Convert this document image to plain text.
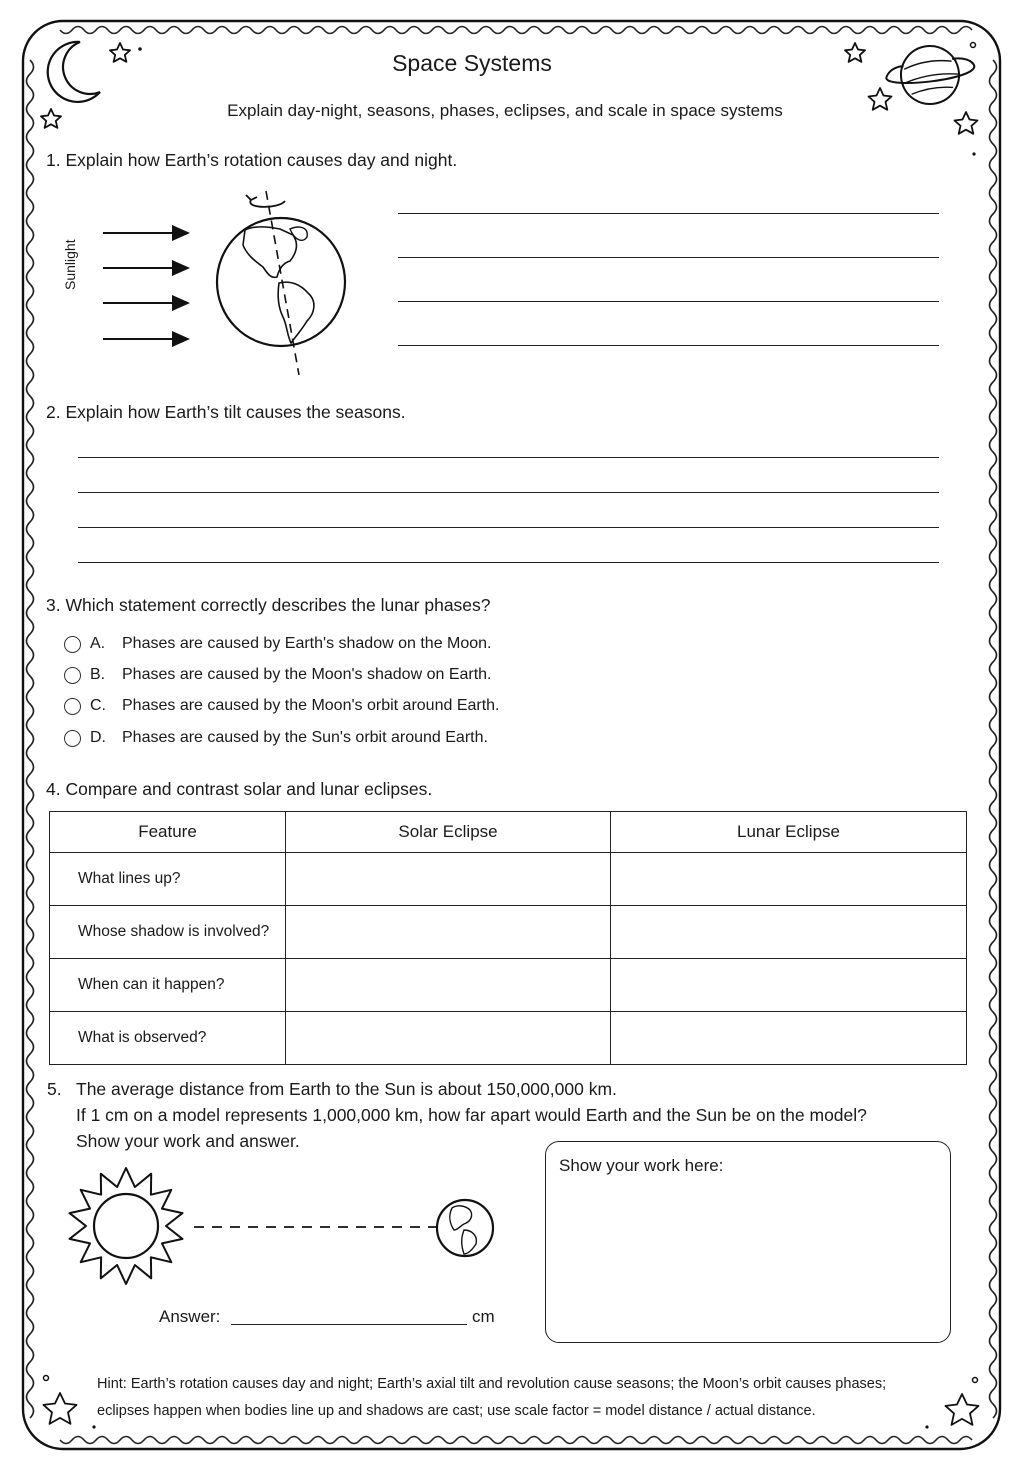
Space Systems
Explain day-night, seasons, phases, eclipses, and scale in space systems
1. Explain how Earth’s rotation causes day and night.
Sunlight
2. Explain how Earth’s tilt causes the seasons.
3. Which statement correctly describes the lunar phases?
A.	Phases are caused by Earth's shadow on the Moon.
B.	Phases are caused by the Moon's shadow on Earth.
C.	Phases are caused by the Moon's orbit around Earth.
D.	Phases are caused by the Sun's orbit around Earth.
4. Compare and contrast solar and lunar eclipses.
Feature	Solar Eclipse	Lunar Eclipse
What lines up?		
Whose shadow is involved?		
When can it happen?		
What is observed?		
5. The average distance from Earth to the Sun is about 150,000,000 km.
If 1 cm on a model represents 1,000,000 km, how far apart would Earth and the Sun be on the model?
Show your work and answer.
Answer:	cm
Show your work here:
Hint: Earth’s rotation causes day and night; Earth’s axial tilt and revolution cause seasons; the Moon’s orbit causes phases;
eclipses happen when bodies line up and shadows are cast; use scale factor = model distance / actual distance.
